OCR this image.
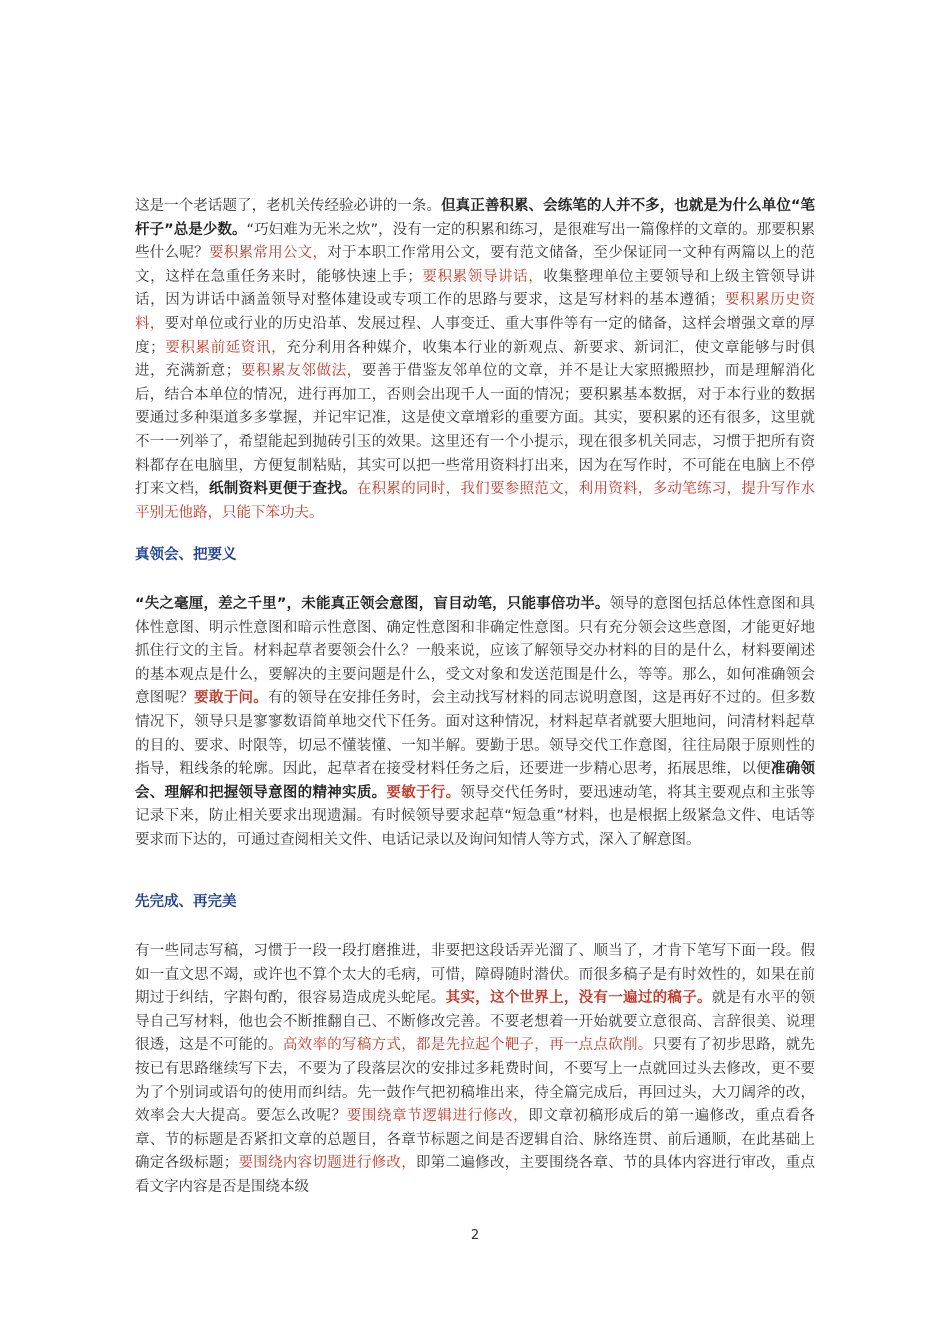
这是一个老话题了，老机关传经验必讲的一条。但真正善积累、会练笔的人并不多，也就是为什么单位“笔杆子”总是少数。“巧妇难为无米之炊”，没有一定的积累和练习，是很难写出一篇像样的文章的。那要积累些什么呢？要积累常用公文，对于本职工作常用公文，要有范文储备，至少保证同一文种有两篇以上的范文，这样在急重任务来时，能够快速上手；要积累领导讲话，收集整理单位主要领导和上级主管领导讲话，因为讲话中涵盖领导对整体建设或专项工作的思路与要求，这是写材料的基本遵循；要积累历史资料，要对单位或行业的历史沿革、发展过程、人事变迁、重大事件等有一定的储备，这样会增强文章的厚度；要积累前延资讯，充分利用各种媒介，收集本行业的新观点、新要求、新词汇，使文章能够与时俱进，充满新意；要积累友邻做法，要善于借鉴友邻单位的文章，并不是让大家照搬照抄，而是理解消化后，结合本单位的情况，进行再加工，否则会出现千人一面的情况；要积累基本数据，对于本行业的数据要通过多种渠道多多掌握，并记牢记准，这是使文章增彩的重要方面。其实，要积累的还有很多，这里就不一一列举了，希望能起到抛砖引玉的效果。这里还有一个小提示，现在很多机关同志，习惯于把所有资料都存在电脑里，方便复制粘贴，其实可以把一些常用资料打出来，因为在写作时，不可能在电脑上不停打来文档，纸制资料更便于查找。在积累的同时，我们要参照范文，利用资料，多动笔练习，提升写作水平别无他路，只能下笨功夫。

真领会、把要义

“失之毫厘，差之千里”，未能真正领会意图，盲目动笔，只能事倍功半。领导的意图包括总体性意图和具体性意图、明示性意图和暗示性意图、确定性意图和非确定性意图。只有充分领会这些意图，才能更好地抓住行文的主旨。材料起草者要领会什么？一般来说，应该了解领导交办材料的目的是什么，材料要阐述的基本观点是什么，要解决的主要问题是什么，受文对象和发送范围是什么，等等。那么，如何准确领会意图呢？要敢于问。有的领导在安排任务时，会主动找写材料的同志说明意图，这是再好不过的。但多数情况下，领导只是寥寥数语简单地交代下任务。面对这种情况，材料起草者就要大胆地问，问清材料起草的目的、要求、时限等，切忌不懂装懂、一知半解。要勤于思。领导交代工作意图，往往局限于原则性的指导，粗线条的轮廓。因此，起草者在接受材料任务之后，还要进一步精心思考，拓展思维，以便准确领会、理解和把握领导意图的精神实质。要敏于行。领导交代任务时，要迅速动笔，将其主要观点和主张等记录下来，防止相关要求出现遗漏。有时候领导要求起草“短急重”材料，也是根据上级紧急文件、电话等要求而下达的，可通过查阅相关文件、电话记录以及询问知情人等方式，深入了解意图。

先完成、再完美

有一些同志写稿，习惯于一段一段打磨推进，非要把这段话弄光溜了、顺当了，才肯下笔写下面一段。假如一直文思不竭，或许也不算个太大的毛病，可惜，障碍随时潜伏。而很多稿子是有时效性的，如果在前期过于纠结，字斟句酌，很容易造成虎头蛇尾。其实，这个世界上，没有一遍过的稿子。就是有水平的领导自己写材料，他也会不断推翻自己、不断修改完善。不要老想着一开始就要立意很高、言辞很美、说理很透，这是不可能的。高效率的写稿方式，都是先拉起个靶子，再一点点砍削。只要有了初步思路，就先按已有思路继续写下去，不要为了段落层次的安排过多耗费时间，不要写上一点就回过头去修改，更不要为了个别词或语句的使用而纠结。先一鼓作气把初稿堆出来，待全篇完成后，再回过头，大刀阔斧的改，效率会大大提高。要怎么改呢？要围绕章节逻辑进行修改，即文章初稿形成后的第一遍修改，重点看各章、节的标题是否紧扣文章的总题目，各章节标题之间是否逻辑自洽、脉络连贯、前后通顺，在此基础上确定各级标题；要围绕内容切题进行修改，即第二遍修改，主要围绕各章、节的具体内容进行审改，重点看文字内容是否是围绕本级

2
